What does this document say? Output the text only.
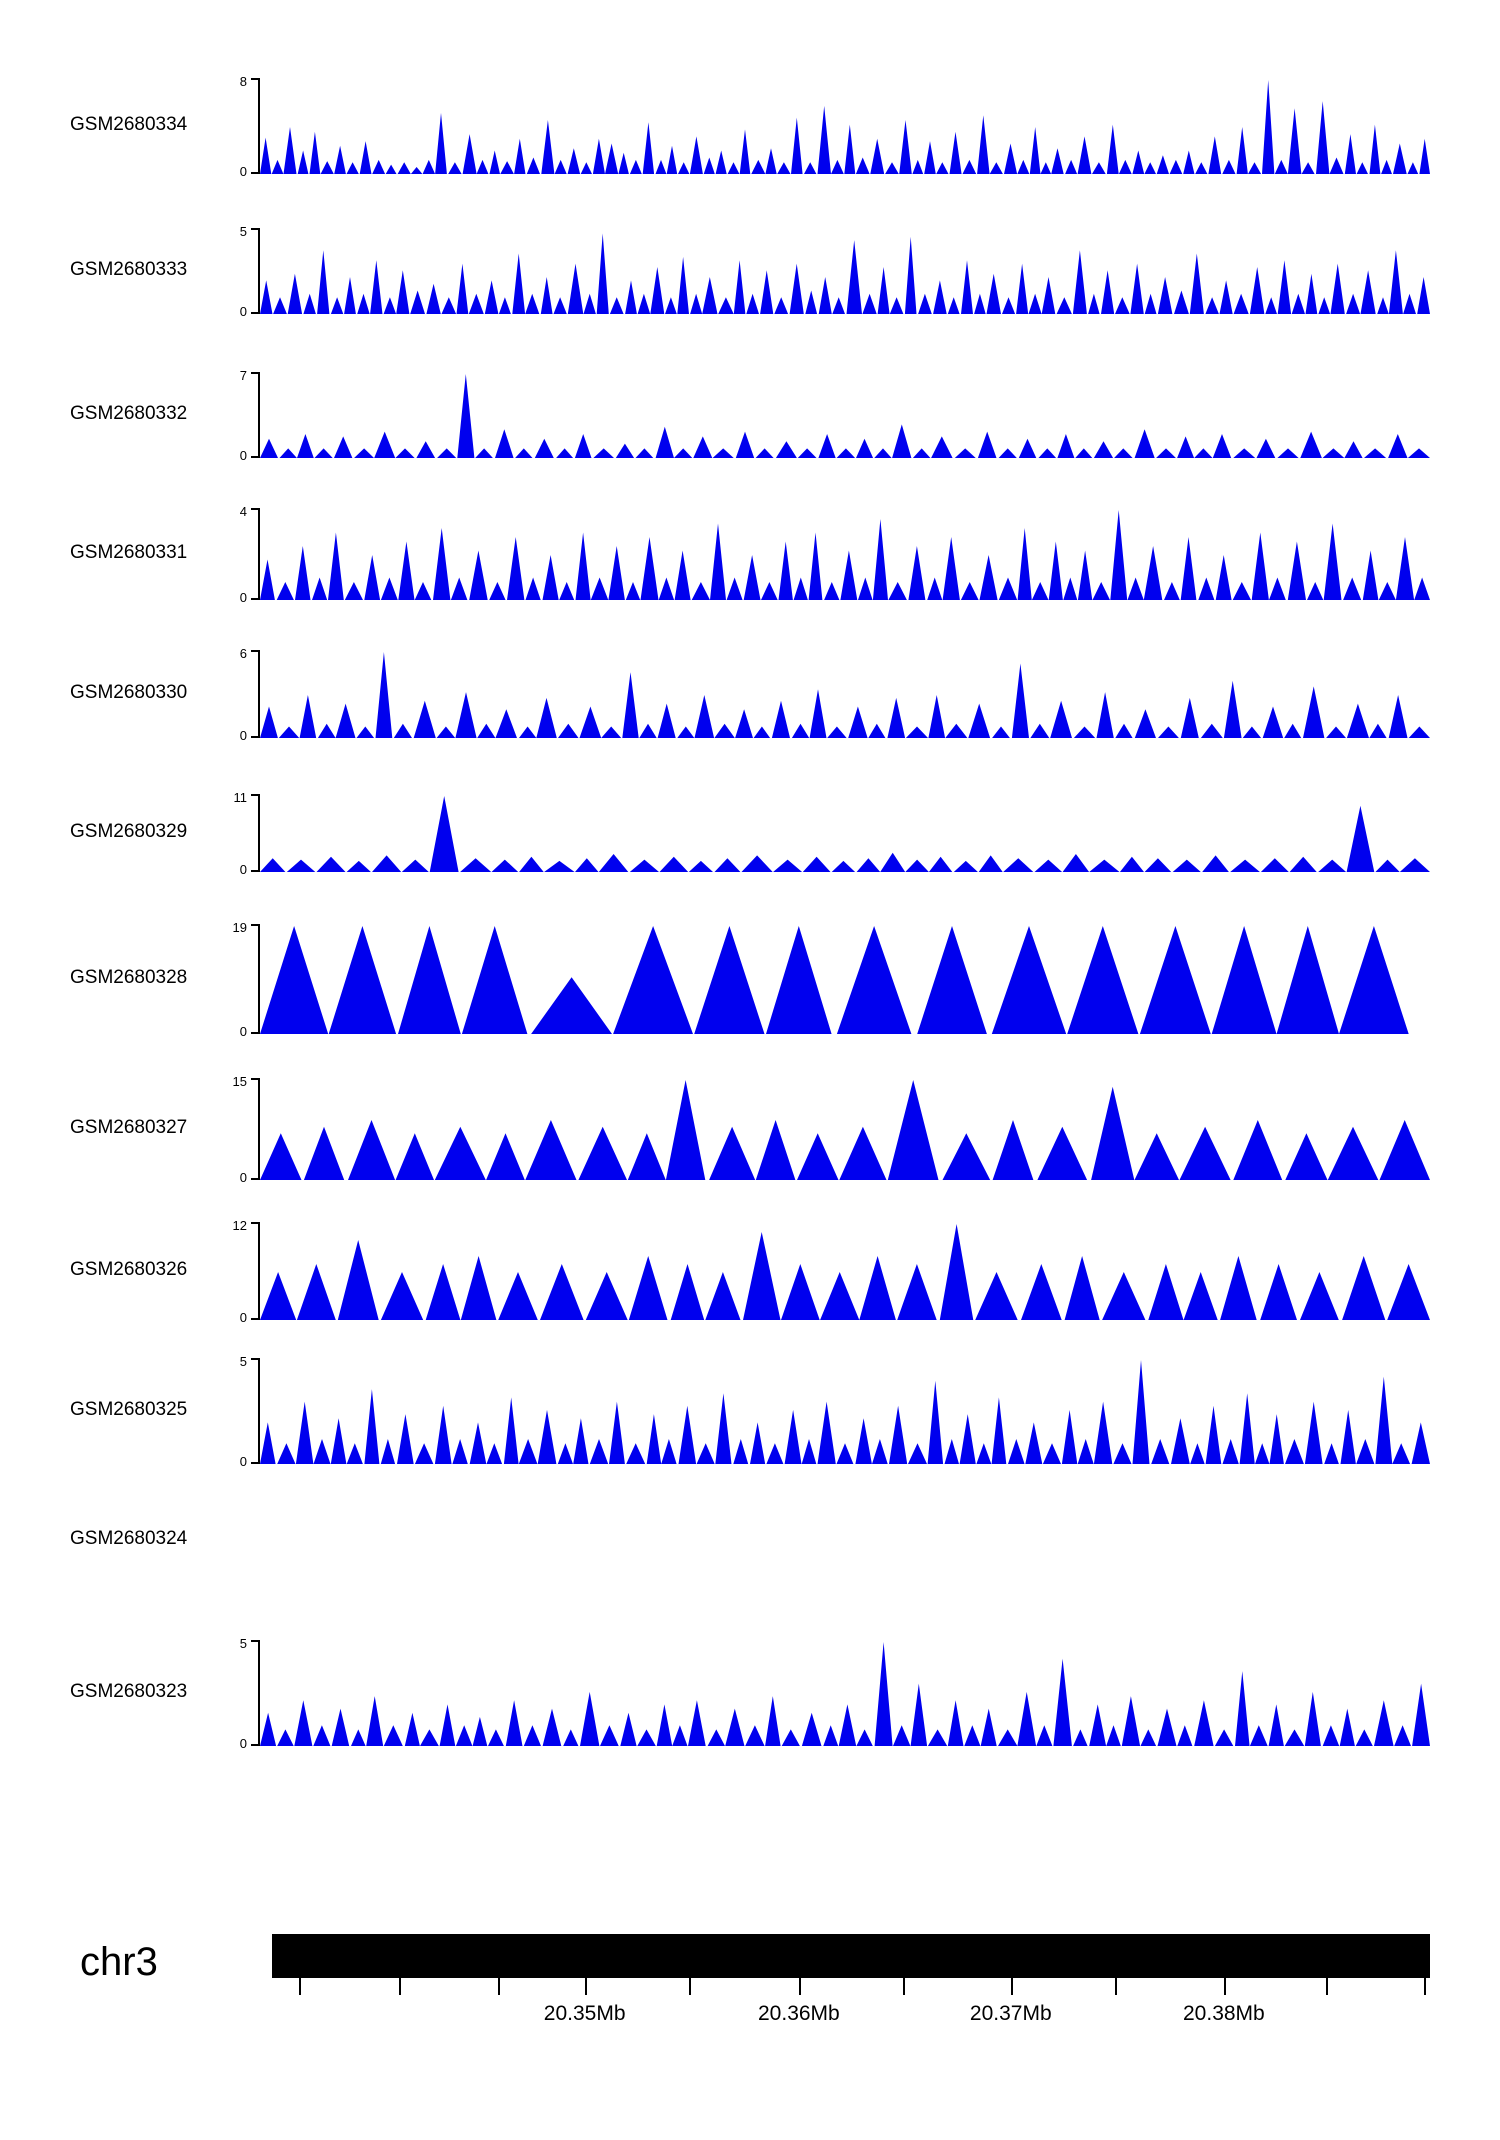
GSM2680334
0
8
GSM2680333
0
5
GSM2680332
0
7
GSM2680331
0
4
GSM2680330
0
6
GSM2680329
0
11
GSM2680328
0
19
GSM2680327
0
15
GSM2680326
0
12
GSM2680325
0
5
GSM2680324
GSM2680323
0
5
chr3
20.35Mb	20.36Mb	20.37Mb	20.38Mb
